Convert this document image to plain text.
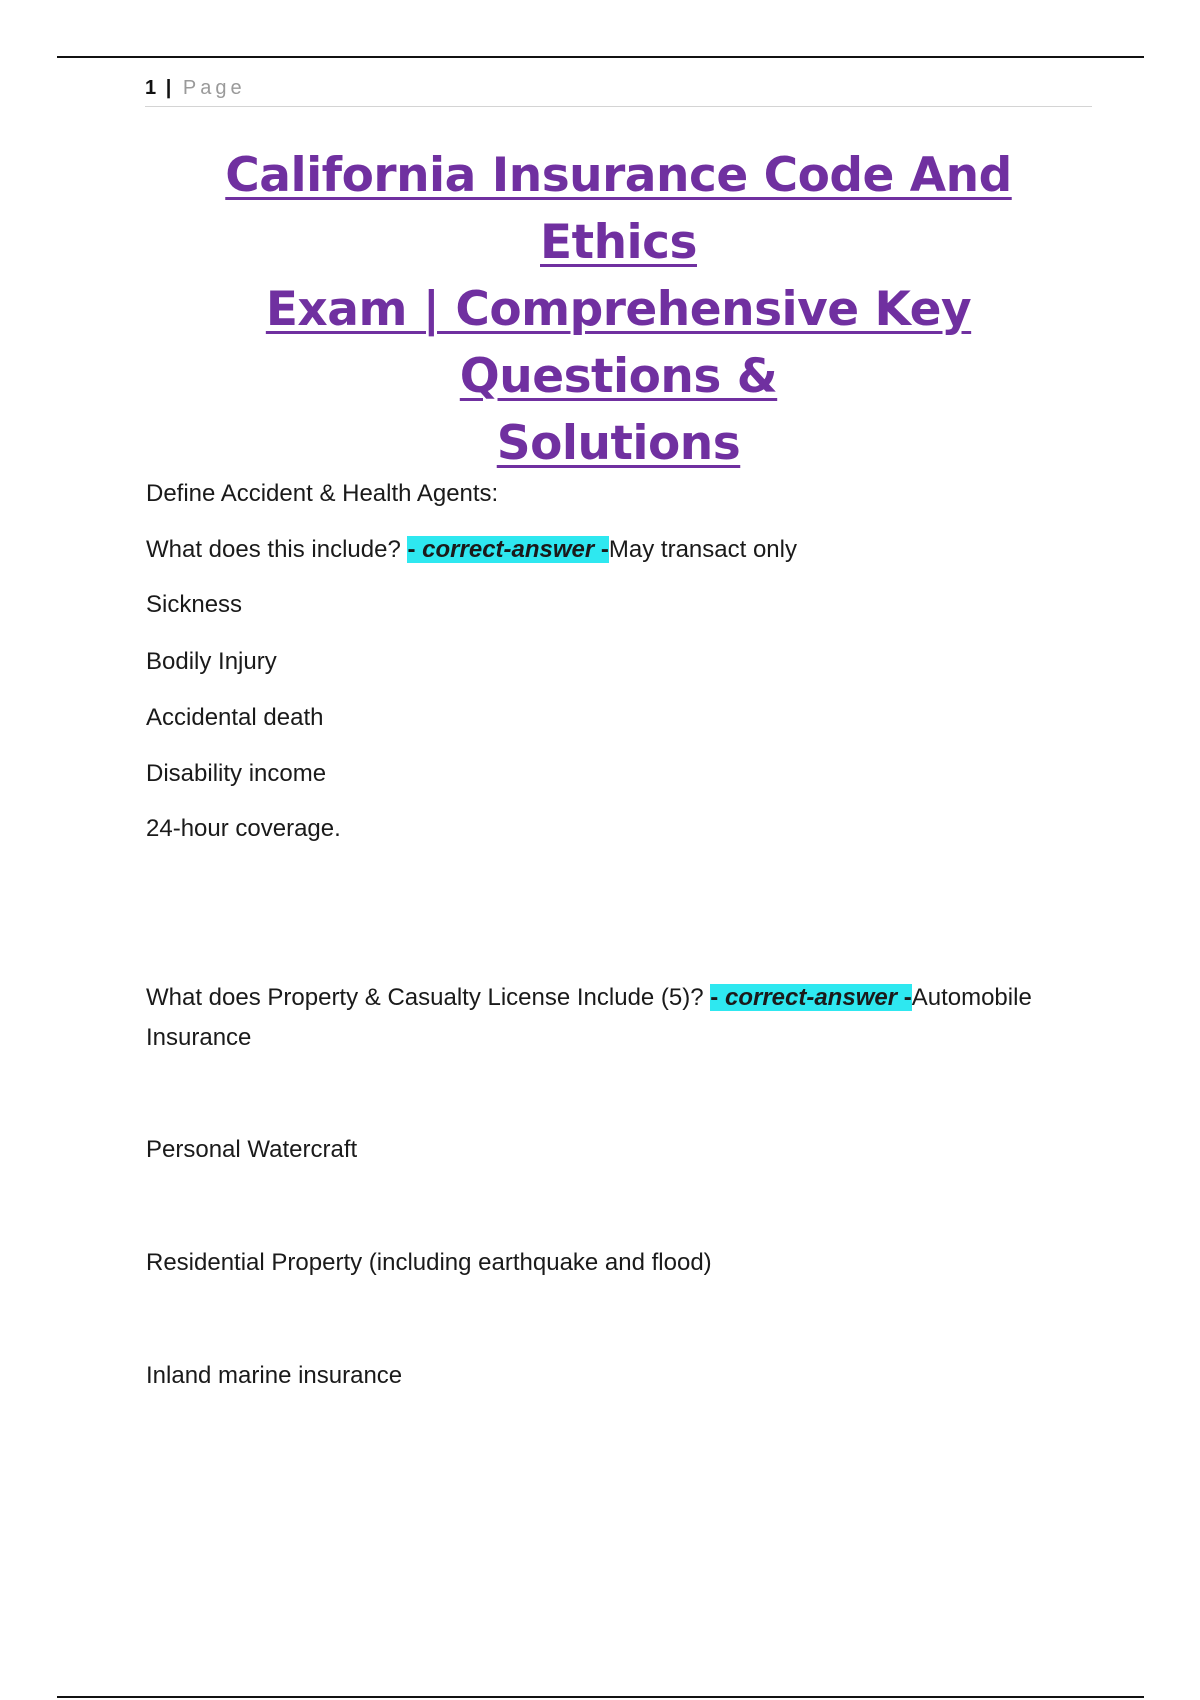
1 | Page
California Insurance Code And Ethics
Exam | Comprehensive Key Questions &
Solutions
Define Accident & Health Agents:
What does this include? - correct-answer -May transact only
Sickness
Bodily Injury
Accidental death
Disability income
24-hour coverage.
What does Property & Casualty License Include (5)? - correct-answer -Automobile Insurance
Personal Watercraft
Residential Property (including earthquake and flood)
Inland marine insurance
